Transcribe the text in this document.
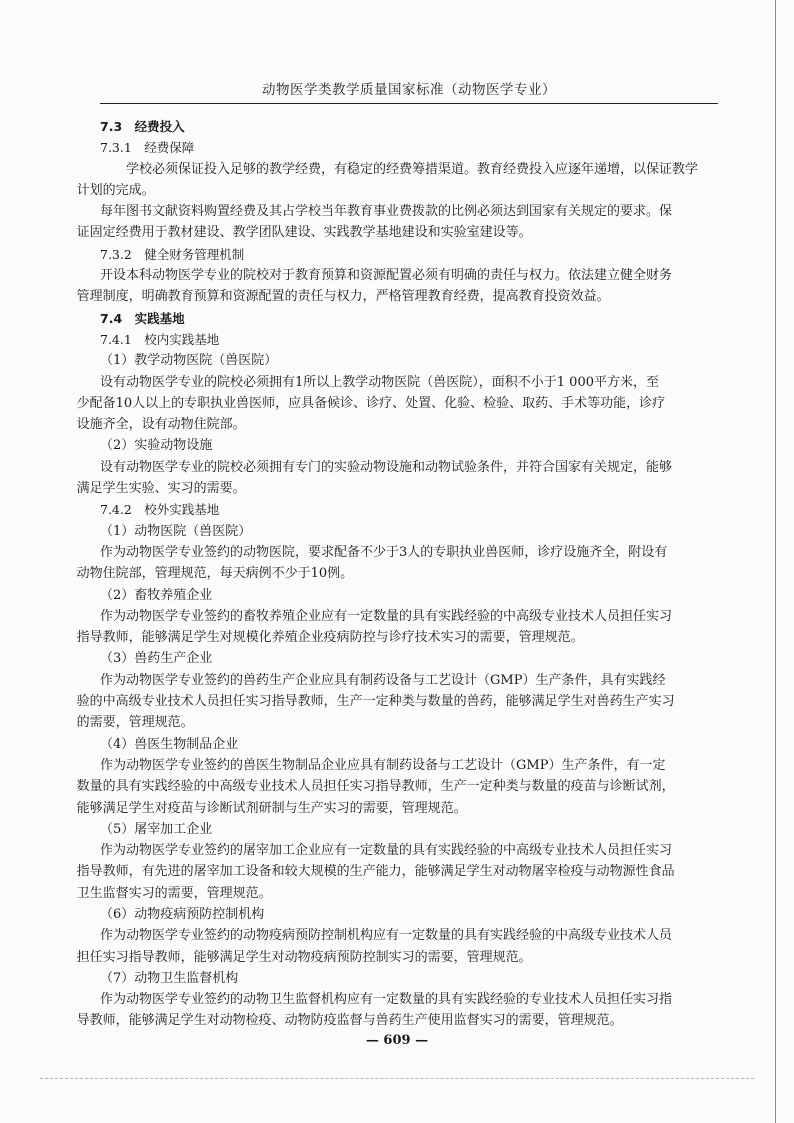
动物医学类教学质量国家标准（动物医学专业）

7.3　经费投入

7.3.1　经费保障

学校必须保证投入足够的教学经费，有稳定的经费筹措渠道。教育经费投入应逐年递增，以保证教学

计划的完成。

每年图书文献资料购置经费及其占学校当年教育事业费拨款的比例必须达到国家有关规定的要求。保

证固定经费用于教材建设、教学团队建设、实践教学基地建设和实验室建设等。

7.3.2　健全财务管理机制

开设本科动物医学专业的院校对于教育预算和资源配置必须有明确的责任与权力。依法建立健全财务

管理制度，明确教育预算和资源配置的责任与权力，严格管理教育经费，提高教育投资效益。

7.4　实践基地

7.4.1　校内实践基地

（1）教学动物医院（兽医院）

设有动物医学专业的院校必须拥有1所以上教学动物医院（兽医院），面积不小于1 000平方米，至

少配备10人以上的专职执业兽医师，应具备候诊、诊疗、处置、化验、检验、取药、手术等功能，诊疗

设施齐全，设有动物住院部。

（2）实验动物设施

设有动物医学专业的院校必须拥有专门的实验动物设施和动物试验条件，并符合国家有关规定，能够

满足学生实验、实习的需要。

7.4.2　校外实践基地

（1）动物医院（兽医院）

作为动物医学专业签约的动物医院，要求配备不少于3人的专职执业兽医师，诊疗设施齐全，附设有

动物住院部，管理规范，每天病例不少于10例。

（2）畜牧养殖企业

作为动物医学专业签约的畜牧养殖企业应有一定数量的具有实践经验的中高级专业技术人员担任实习

指导教师，能够满足学生对规模化养殖企业疫病防控与诊疗技术实习的需要，管理规范。

（3）兽药生产企业

作为动物医学专业签约的兽药生产企业应具有制药设备与工艺设计（GMP）生产条件，具有实践经

验的中高级专业技术人员担任实习指导教师，生产一定种类与数量的兽药，能够满足学生对兽药生产实习

的需要，管理规范。

（4）兽医生物制品企业

作为动物医学专业签约的兽医生物制品企业应具有制药设备与工艺设计（GMP）生产条件，有一定

数量的具有实践经验的中高级专业技术人员担任实习指导教师，生产一定种类与数量的疫苗与诊断试剂，

能够满足学生对疫苗与诊断试剂研制与生产实习的需要，管理规范。

（5）屠宰加工企业

作为动物医学专业签约的屠宰加工企业应有一定数量的具有实践经验的中高级专业技术人员担任实习

指导教师，有先进的屠宰加工设备和较大规模的生产能力，能够满足学生对动物屠宰检疫与动物源性食品

卫生监督实习的需要，管理规范。

（6）动物疫病预防控制机构

作为动物医学专业签约的动物疫病预防控制机构应有一定数量的具有实践经验的中高级专业技术人员

担任实习指导教师，能够满足学生对动物疫病预防控制实习的需要，管理规范。

（7）动物卫生监督机构

作为动物医学专业签约的动物卫生监督机构应有一定数量的具有实践经验的专业技术人员担任实习指

导教师，能够满足学生对动物检疫、动物防疫监督与兽药生产使用监督实习的需要，管理规范。

— 609 —
